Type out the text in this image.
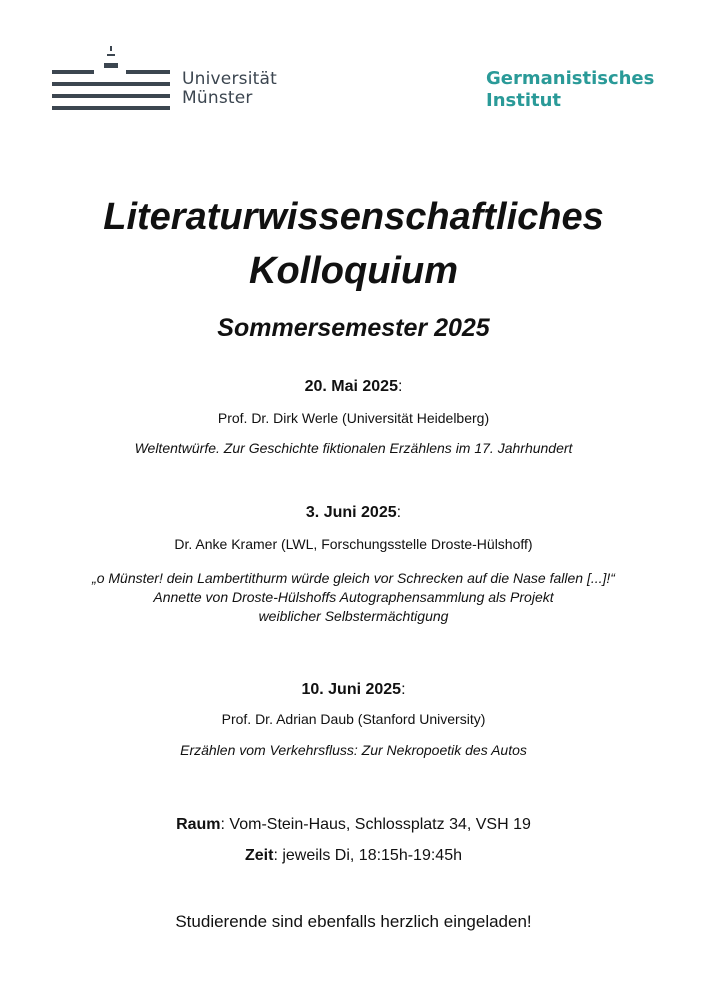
Universität
Münster
Germanistisches
Institut
Literaturwissenschaftliches
Kolloquium
Sommersemester 2025
20. Mai 2025:
Prof. Dr. Dirk Werle (Universität Heidelberg)
Weltentwürfe. Zur Geschichte fiktionalen Erzählens im 17. Jahrhundert
3. Juni 2025:
Dr. Anke Kramer (LWL, Forschungsstelle Droste-Hülshoff)
„o Münster! dein Lambertithurm würde gleich vor Schrecken auf die Nase fallen [...]!“
Annette von Droste-Hülshoffs Autographensammlung als Projekt
weiblicher Selbstermächtigung
10. Juni 2025:
Prof. Dr. Adrian Daub (Stanford University)
Erzählen vom Verkehrsfluss: Zur Nekropoetik des Autos
Raum: Vom-Stein-Haus, Schlossplatz 34, VSH 19
Zeit: jeweils Di, 18:15h-19:45h
Studierende sind ebenfalls herzlich eingeladen!
